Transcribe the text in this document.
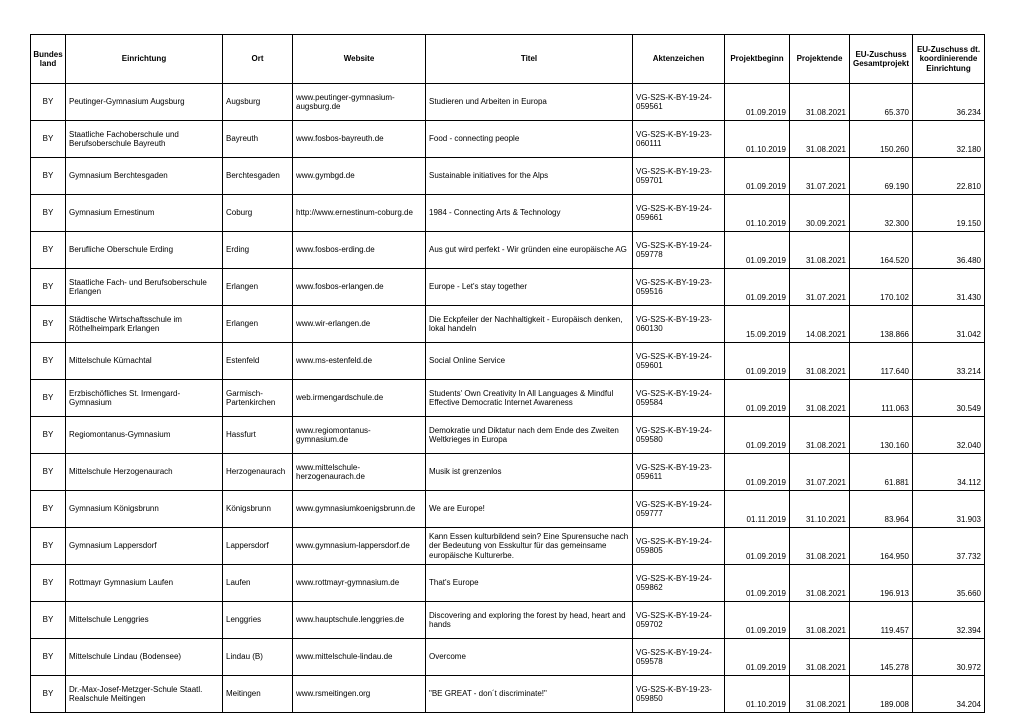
Bundes land	Einrichtung	Ort	Website	Titel	Aktenzeichen	Projektbeginn	Projektende	EU-Zuschuss Gesamtprojekt	EU-Zuschuss dt. koordinierende Einrichtung
BY	Peutinger-Gymnasium Augsburg	Augsburg	www.peutinger-gymnasium-augsburg.de	Studieren und Arbeiten in Europa	VG-S2S-K-BY-19-24-059561	01.09.2019	31.08.2021	65.370	36.234
BY	Staatliche Fachoberschule und Berufsoberschule Bayreuth	Bayreuth	www.fosbos-bayreuth.de	Food - connecting people	VG-S2S-K-BY-19-23-060111	01.10.2019	31.08.2021	150.260	32.180
BY	Gymnasium Berchtesgaden	Berchtesgaden	www.gymbgd.de	Sustainable initiatives for the Alps	VG-S2S-K-BY-19-23-059701	01.09.2019	31.07.2021	69.190	22.810
BY	Gymnasium Ernestinum	Coburg	http://www.ernestinum-coburg.de	1984 - Connecting Arts & Technology	VG-S2S-K-BY-19-24-059661	01.10.2019	30.09.2021	32.300	19.150
BY	Berufliche Oberschule Erding	Erding	www.fosbos-erding.de	Aus gut wird perfekt - Wir gründen eine europäische AG	VG-S2S-K-BY-19-24-059778	01.09.2019	31.08.2021	164.520	36.480
BY	Staatliche Fach- und Berufsoberschule Erlangen	Erlangen	www.fosbos-erlangen.de	Europe - Let's stay together	VG-S2S-K-BY-19-23-059516	01.09.2019	31.07.2021	170.102	31.430
BY	Städtische Wirtschaftsschule im Röthelheimpark Erlangen	Erlangen	www.wir-erlangen.de	Die Eckpfeiler der Nachhaltigkeit - Europäisch denken, lokal handeln	VG-S2S-K-BY-19-23-060130	15.09.2019	14.08.2021	138.866	31.042
BY	Mittelschule Kürnachtal	Estenfeld	www.ms-estenfeld.de	Social Online Service	VG-S2S-K-BY-19-24-059601	01.09.2019	31.08.2021	117.640	33.214
BY	Erzbischöfliches St. Irmengard-Gymnasium	Garmisch-Partenkirchen	web.irmengardschule.de	Students' Own Creativity In All Languages & Mindful Effective Democratic Internet Awareness	VG-S2S-K-BY-19-24-059584	01.09.2019	31.08.2021	111.063	30.549
BY	Regiomontanus-Gymnasium	Hassfurt	www.regiomontanus-gymnasium.de	Demokratie und Diktatur nach dem Ende des Zweiten Weltkrieges in Europa	VG-S2S-K-BY-19-24-059580	01.09.2019	31.08.2021	130.160	32.040
BY	Mittelschule Herzogenaurach	Herzogenaurach	www.mittelschule-herzogenaurach.de	Musik ist grenzenlos	VG-S2S-K-BY-19-23-059611	01.09.2019	31.07.2021	61.881	34.112
BY	Gymnasium Königsbrunn	Königsbrunn	www.gymnasiumkoenigsbrunn.de	We are Europe!	VG-S2S-K-BY-19-24-059777	01.11.2019	31.10.2021	83.964	31.903
BY	Gymnasium Lappersdorf	Lappersdorf	www.gymnasium-lappersdorf.de	Kann Essen kulturbildend sein? Eine Spurensuche nach der Bedeutung von Esskultur für das gemeinsame europäische Kulturerbe.	VG-S2S-K-BY-19-24-059805	01.09.2019	31.08.2021	164.950	37.732
BY	Rottmayr Gymnasium Laufen	Laufen	www.rottmayr-gymnasium.de	That's Europe	VG-S2S-K-BY-19-24-059862	01.09.2019	31.08.2021	196.913	35.660
BY	Mittelschule Lenggries	Lenggries	www.hauptschule.lenggries.de	Discovering and exploring the forest by head, heart and hands	VG-S2S-K-BY-19-24-059702	01.09.2019	31.08.2021	119.457	32.394
BY	Mittelschule Lindau (Bodensee)	Lindau (B)	www.mittelschule-lindau.de	Overcome	VG-S2S-K-BY-19-24-059578	01.09.2019	31.08.2021	145.278	30.972
BY	Dr.-Max-Josef-Metzger-Schule Staatl. Realschule Meitingen	Meitingen	www.rsmeitingen.org	"BE GREAT - don´t discriminate!"	VG-S2S-K-BY-19-23-059850	01.10.2019	31.08.2021	189.008	34.204
